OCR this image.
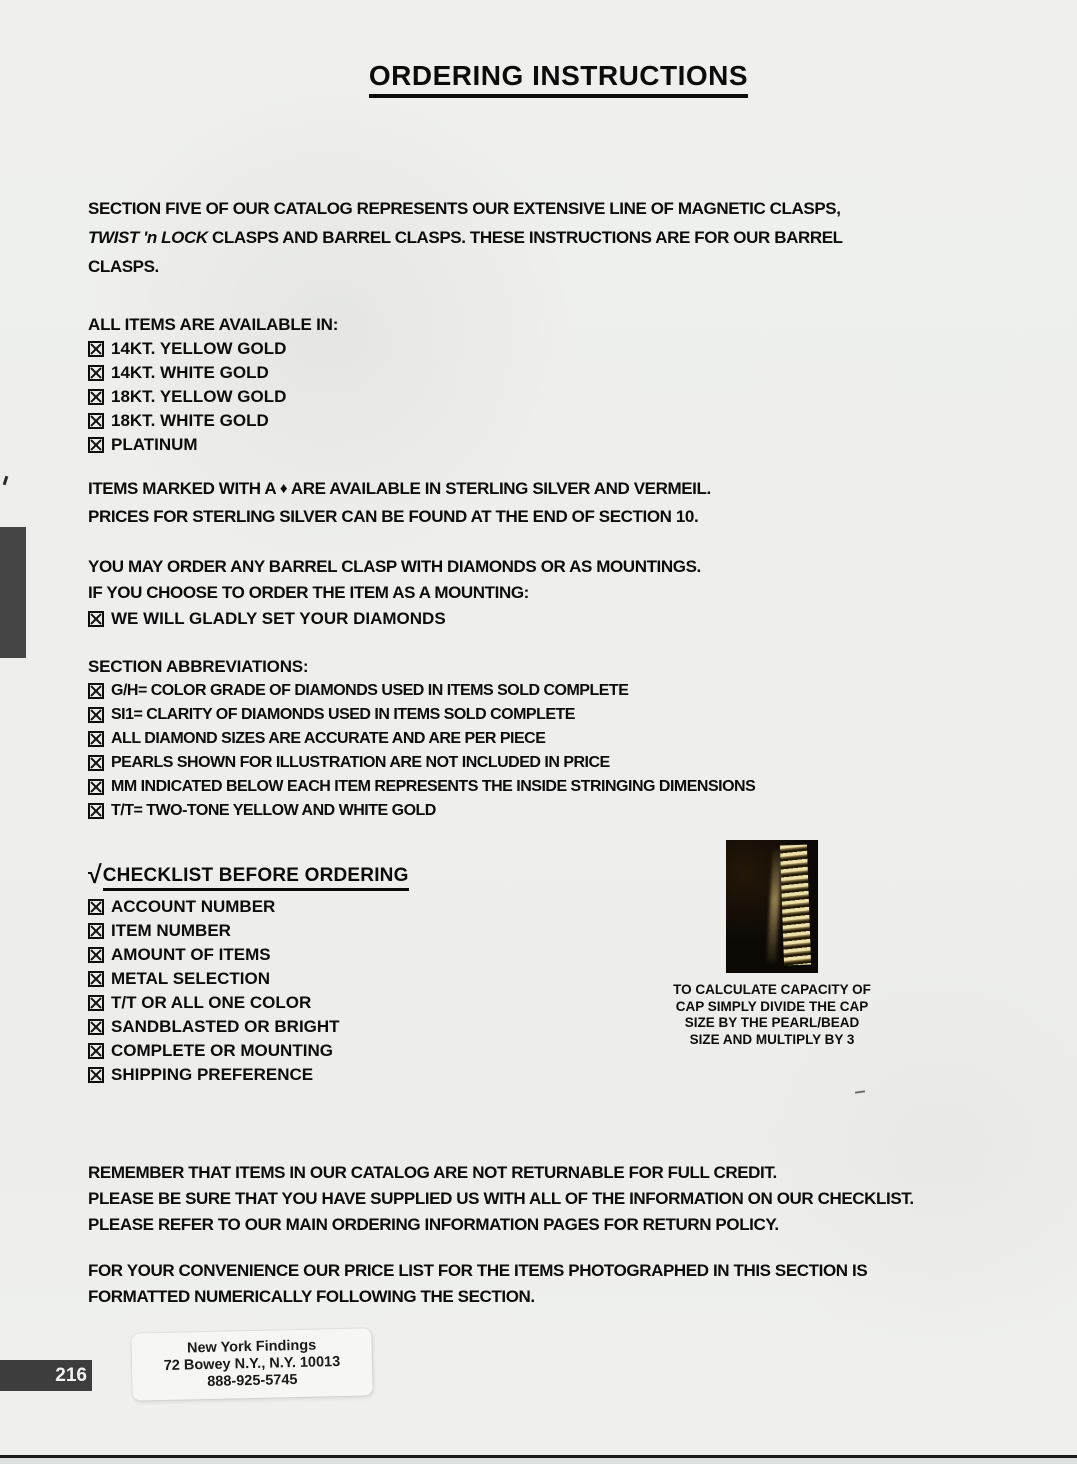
ORDERING INSTRUCTIONS
SECTION FIVE OF OUR CATALOG REPRESENTS OUR EXTENSIVE LINE OF MAGNETIC CLASPS,
TWIST 'n LOCK CLASPS AND BARREL CLASPS. THESE INSTRUCTIONS ARE FOR OUR BARREL
CLASPS.
ALL ITEMS ARE AVAILABLE IN:
14KT. YELLOW GOLD
14KT. WHITE GOLD
18KT. YELLOW GOLD
18KT. WHITE GOLD
PLATINUM
ITEMS MARKED WITH A ♦ ARE AVAILABLE IN STERLING SILVER AND VERMEIL.
PRICES FOR STERLING SILVER CAN BE FOUND AT THE END OF SECTION 10.
YOU MAY ORDER ANY BARREL CLASP WITH DIAMONDS OR AS MOUNTINGS.
IF YOU CHOOSE TO ORDER THE ITEM AS A MOUNTING:
WE WILL GLADLY SET YOUR DIAMONDS
SECTION ABBREVIATIONS:
G/H= COLOR GRADE OF DIAMONDS USED IN ITEMS SOLD COMPLETE
SI1= CLARITY OF DIAMONDS USED IN ITEMS SOLD COMPLETE
ALL DIAMOND SIZES ARE ACCURATE AND ARE PER PIECE
PEARLS SHOWN FOR ILLUSTRATION ARE NOT INCLUDED IN PRICE
MM INDICATED BELOW EACH ITEM REPRESENTS THE INSIDE STRINGING DIMENSIONS
T/T= TWO-TONE YELLOW AND WHITE GOLD
√CHECKLIST BEFORE ORDERING
ACCOUNT NUMBER
ITEM NUMBER
AMOUNT OF ITEMS
METAL SELECTION
T/T OR ALL ONE COLOR
SANDBLASTED OR BRIGHT
COMPLETE OR MOUNTING
SHIPPING PREFERENCE
REMEMBER THAT ITEMS IN OUR CATALOG ARE NOT RETURNABLE FOR FULL CREDIT.
PLEASE BE SURE THAT YOU HAVE SUPPLIED US WITH ALL OF THE INFORMATION ON OUR CHECKLIST.
PLEASE REFER TO OUR MAIN ORDERING INFORMATION PAGES FOR RETURN POLICY.
FOR YOUR CONVENIENCE OUR PRICE LIST FOR THE ITEMS PHOTOGRAPHED IN THIS SECTION IS
FORMATTED NUMERICALLY FOLLOWING THE SECTION.
TO CALCULATE CAPACITY OF
CAP SIMPLY DIVIDE THE CAP
SIZE BY THE PEARL/BEAD
SIZE AND MULTIPLY BY 3
216
New York Findings
72 Bowey N.Y., N.Y. 10013
888-925-5745
